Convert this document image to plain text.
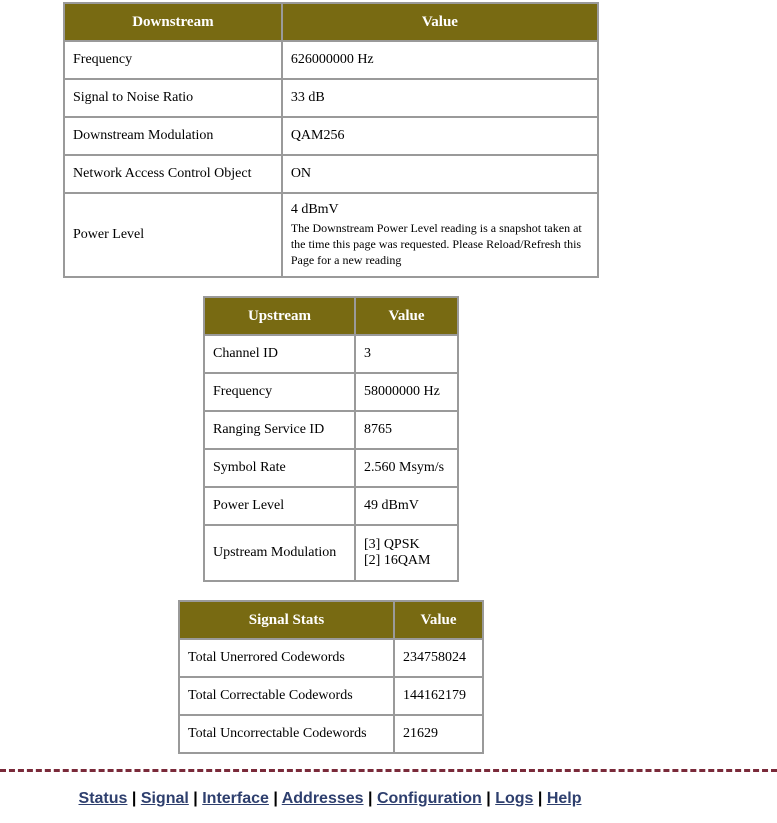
Downstream	Value
Frequency	626000000 Hz
Signal to Noise Ratio	33 dB
Downstream Modulation	QAM256
Network Access Control Object	ON
Power Level	4 dBmV
The Downstream Power Level reading is a snapshot taken at the time this page was requested. Please Reload/Refresh this Page for a new reading
Upstream	Value
Channel ID	3
Frequency	58000000 Hz
Ranging Service ID	8765
Symbol Rate	2.560 Msym/s
Power Level	49 dBmV
Upstream Modulation	[3] QPSK
[2] 16QAM
Signal Stats	Value
Total Unerrored Codewords	234758024
Total Correctable Codewords	144162179
Total Uncorrectable Codewords	21629
Status | Signal | Interface | Addresses | Configuration | Logs | Help
